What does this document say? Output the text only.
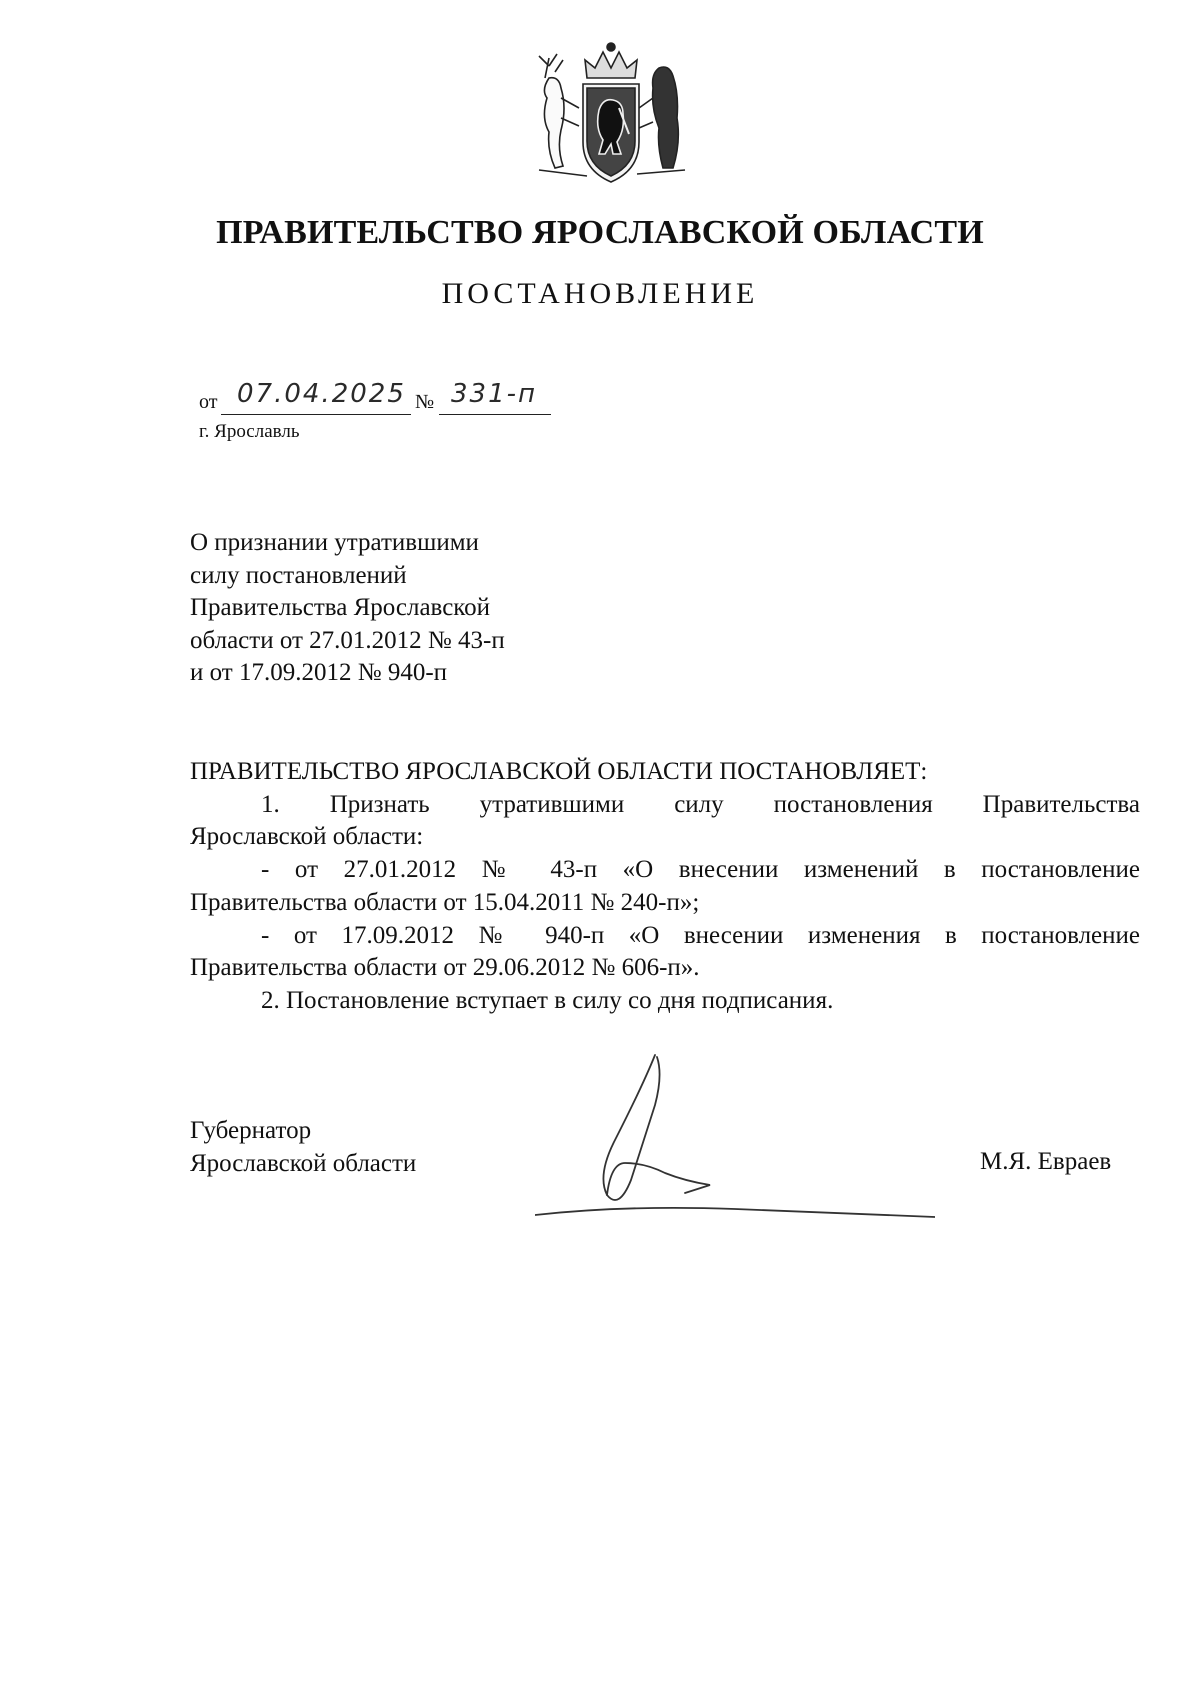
ПРАВИТЕЛЬСТВО ЯРОСЛАВСКОЙ ОБЛАСТИ
ПОСТАНОВЛЕНИЕ
от 07.04.2025 № 331-п
г. Ярославль
О признании утратившими
силу постановлений
Правительства Ярославской
области от 27.01.2012 № 43-п
и от 17.09.2012 № 940-п
ПРАВИТЕЛЬСТВО ЯРОСЛАВСКОЙ ОБЛАСТИ ПОСТАНОВЛЯЕТ:
1. Признать утратившими силу постановления Правительства
Ярославской области:
- от 27.01.2012 № 43-п «О внесении изменений в постановление
Правительства области от 15.04.2011 № 240-п»;
- от 17.09.2012 № 940-п «О внесении изменения в постановление
Правительства области от 29.06.2012 № 606-п».
2. Постановление вступает в силу со дня подписания.
Губернатор
Ярославской области	М.Я. Евраев
